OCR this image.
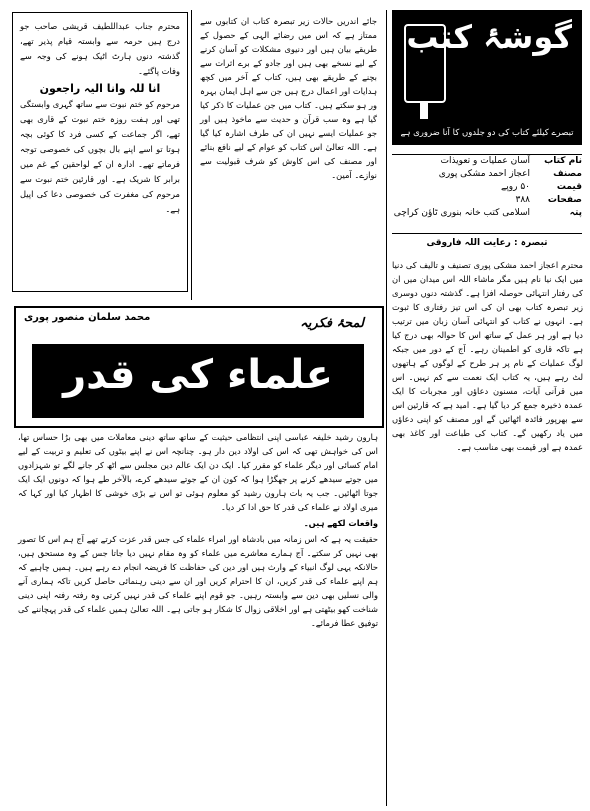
محترم جناب عبداللطیف قریشی صاحب جو درج ہیں حرمہ سے وابستہ قیام پذیر تھے، گذشتہ دنوں ہارٹ اٹیک ہونے کی وجہ سے وفات پاگئے۔
انا للہ وانا الیہ راجعون
مرحوم کو ختم نبوت سے ساتھ گہری وابستگی تھی اور ہفت روزہ ختم نبوت کے قاری بھی تھے، اگر جماعت کے کسی فرد کا کوئی بچہ ہوتا تو اسے اپنے بال بچوں کی خصوصی توجہ فرماتے تھے۔ ادارہ ان کے لواحقین کے غم میں برابر کا شریک ہے۔ اور قارئین ختم نبوت سے مرحوم کی مغفرت کی خصوصی دعا کی اپیل ہے۔
جائے اندریں حالات زیر تبصرہ کتاب ان کتابوں سے ممتاز ہے کہ اس میں رضائے الہی کے حصول کے طریقے بیان ہیں اور دنیوی مشکلات کو آسان کرنے کے لیے نسخے بھی ہیں اور جادو کے برے اثرات سے بچنے کے طریقے بھی ہیں، کتاب کے آخر میں کچھ ہدایات اور اعمال درج ہیں جن سے اہل ایمان بہرہ ور ہو سکتے ہیں۔ کتاب میں جن عملیات کا ذکر کیا گیا ہے وہ سب قرآن و حدیث سے ماخوذ ہیں اور جو عملیات ایسے نہیں ان کی طرف اشارہ کیا گیا ہے۔ اللہ تعالیٰ اس کتاب کو عوام کے لیے نافع بنائے اور مصنف کی اس کاوش کو شرف قبولیت سے نوازے۔ آمین۔
گوشۂ کتب
تبصرے کیلئے کتاب کی دو جلدوں کا آنا ضروری ہے
نام کتاب
آسان عملیات و تعویذات
مصنف
اعجاز احمد مشکی پوری
قیمت
۵۰ روپے
صفحات
۳۸۸
پتہ
اسلامی کتب خانہ بنوری ٹاؤن کراچی
تبصرہ : رعایت اللہ فاروقی
محترم اعجاز احمد مشکی پوری تصنیف و تالیف کی دنیا میں ایک نیا نام ہیں مگر ماشاء اللہ اس میدان میں ان کی رفتار انتہائی حوصلہ افزا ہے۔ گذشتہ دنوں دوسری زیر تبصرہ کتاب بھی ان کی اس تیز رفتاری کا ثبوت ہے۔ انہوں نے کتاب کو انتہائی آسان زبان میں ترتیب دیا ہے اور ہر عمل کے ساتھ اس کا حوالہ بھی درج کیا ہے تاکہ قاری کو اطمینان رہے۔ آج کے دور میں جبکہ لوگ عملیات کے نام پر ہر طرح کے لوگوں کے ہاتھوں لٹ رہے ہیں، یہ کتاب ایک نعمت سے کم نہیں۔ اس میں قرآنی آیات، مسنون دعاؤں اور مجربات کا ایک عمدہ ذخیرہ جمع کر دیا گیا ہے۔ امید ہے کہ قارئین اس سے بھرپور فائدہ اٹھائیں گے اور مصنف کو اپنی دعاؤں میں یاد رکھیں گے۔ کتاب کی طباعت اور کاغذ بھی عمدہ ہے اور قیمت بھی مناسب ہے۔
لمحۂ فکریہ
محمد سلمان منصور پوری
علماء کی قدر
ہارون رشید خلیفہ عباسی اپنی انتظامی حیثیت کے ساتھ ساتھ دینی معاملات میں بھی بڑا حساس تھا، اس کی خواہش تھی کہ اس کی اولاد دین دار ہو۔ چنانچہ اس نے اپنے بیٹوں کی تعلیم و تربیت کے لیے امام کسائی اور دیگر علماء کو مقرر کیا۔ ایک دن ایک عالم دین مجلس سے اٹھ کر جانے لگے تو شہزادوں میں جوتے سیدھے کرنے پر جھگڑا ہوا کہ کون ان کے جوتے سیدھے کرے، بالآخر طے ہوا کہ دونوں ایک ایک جوتا اٹھائیں۔ جب یہ بات ہارون رشید کو معلوم ہوئی تو اس نے بڑی خوشی کا اظہار کیا اور کہا کہ میری اولاد نے علماء کی قدر کا حق ادا کر دیا۔
واقعات لکھے ہیں۔
حقیقت یہ ہے کہ اس زمانہ میں بادشاہ اور امراء علماء کی جس قدر عزت کرتے تھے آج ہم اس کا تصور بھی نہیں کر سکتے۔ آج ہمارے معاشرے میں علماء کو وہ مقام نہیں دیا جاتا جس کے وہ مستحق ہیں، حالانکہ یہی لوگ انبیاء کے وارث ہیں اور دین کی حفاظت کا فریضہ انجام دے رہے ہیں۔ ہمیں چاہیے کہ ہم اپنے علماء کی قدر کریں، ان کا احترام کریں اور ان سے دینی رہنمائی حاصل کریں تاکہ ہماری آنے والی نسلیں بھی دین سے وابستہ رہیں۔ جو قوم اپنے علماء کی قدر نہیں کرتی وہ رفتہ رفتہ اپنی دینی شناخت کھو بیٹھتی ہے اور اخلاقی زوال کا شکار ہو جاتی ہے۔ اللہ تعالیٰ ہمیں علماء کی قدر پہچاننے کی توفیق عطا فرمائے۔
